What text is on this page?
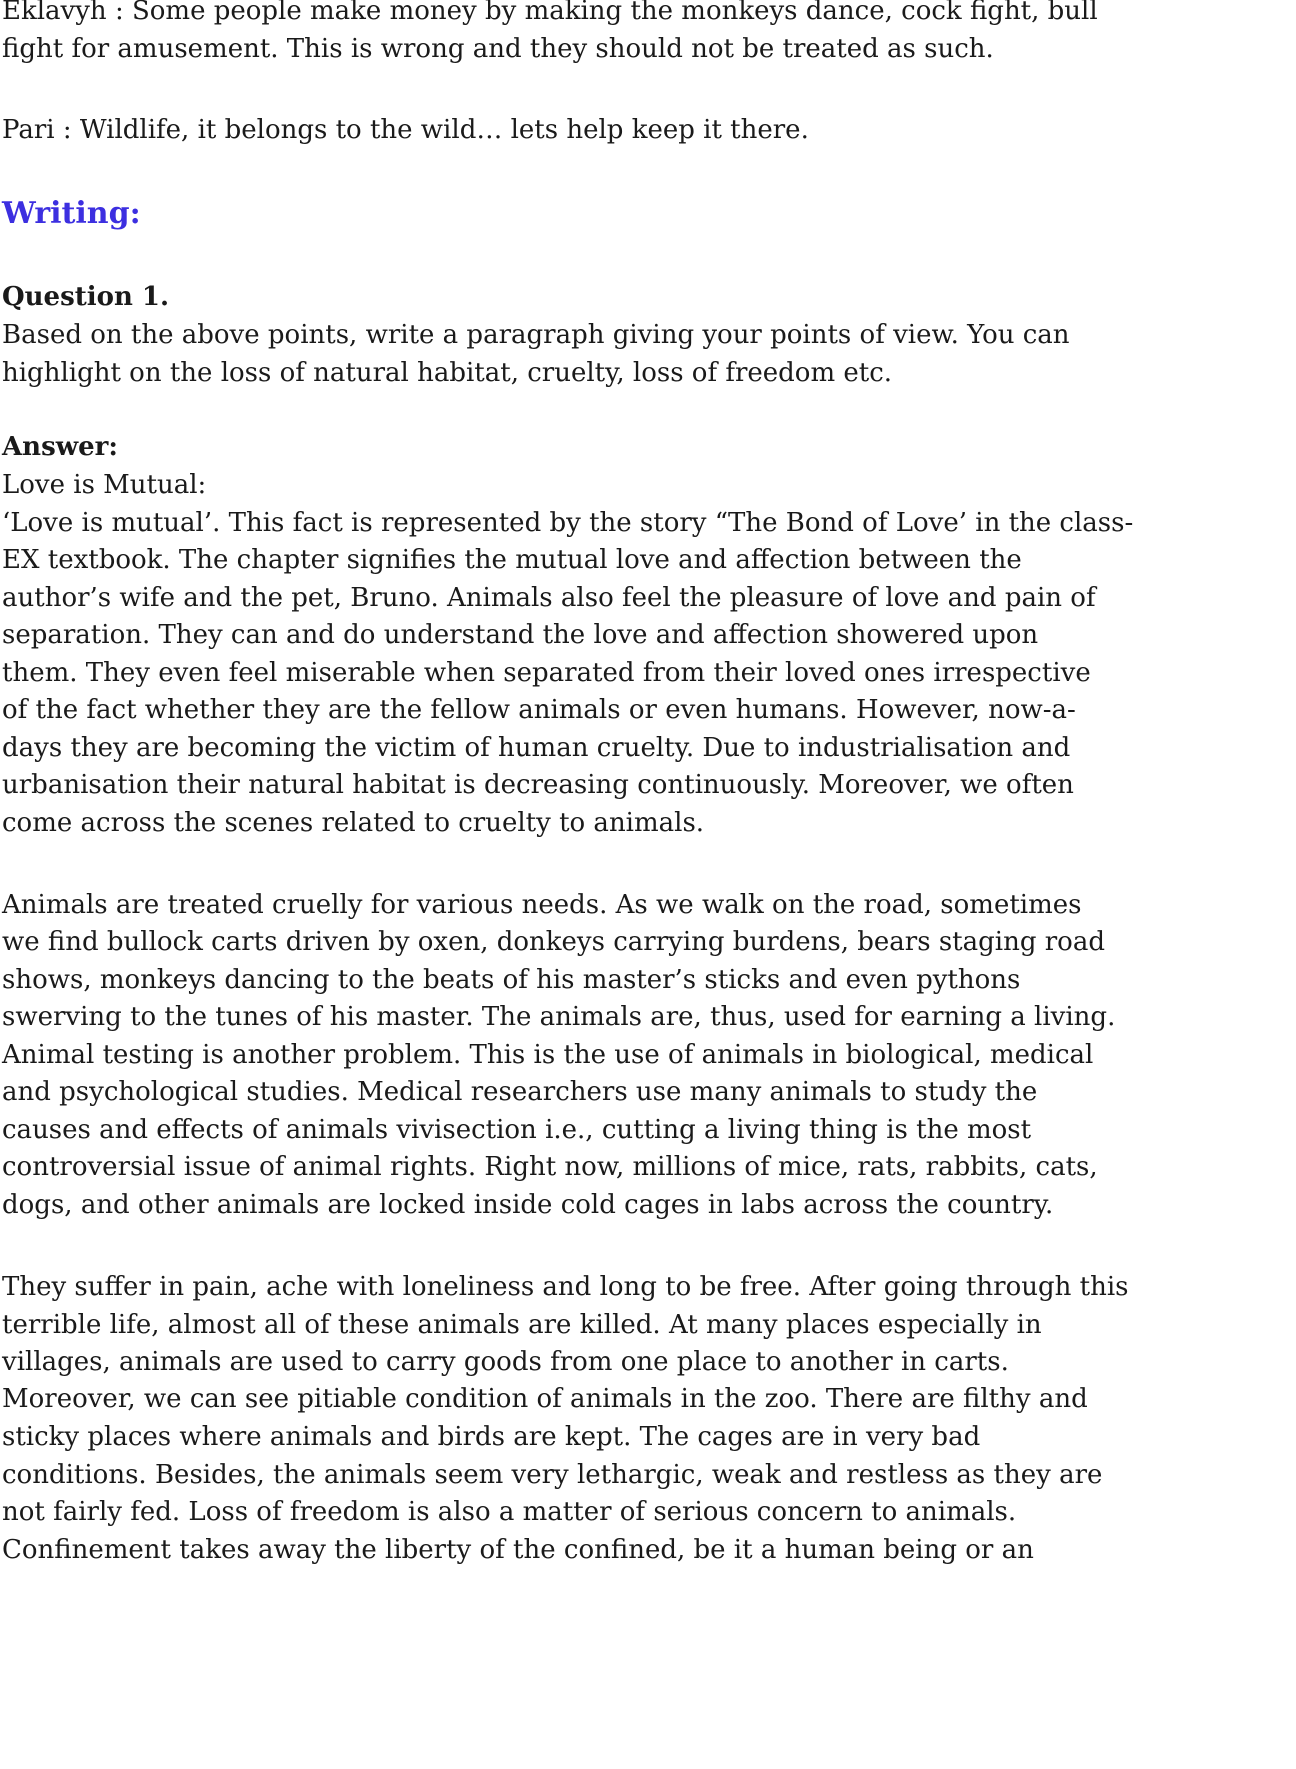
Eklavyh : Some people make money by making the monkeys dance, cock fight, bull
fight for amusement. This is wrong and they should not be treated as such.
Pari : Wildlife, it belongs to the wild… lets help keep it there.
Writing:
Question 1.
Based on the above points, write a paragraph giving your points of view. You can
highlight on the loss of natural habitat, cruelty, loss of freedom etc.
Answer:
Love is Mutual:
‘Love is mutual’. This fact is represented by the story “The Bond of Love’ in the class-
EX textbook. The chapter signifies the mutual love and affection between the
author’s wife and the pet, Bruno. Animals also feel the pleasure of love and pain of
separation. They can and do understand the love and affection showered upon
them. They even feel miserable when separated from their loved ones irrespective
of the fact whether they are the fellow animals or even humans. However, now-a-
days they are becoming the victim of human cruelty. Due to industrialisation and
urbanisation their natural habitat is decreasing continuously. Moreover, we often
come across the scenes related to cruelty to animals.
Animals are treated cruelly for various needs. As we walk on the road, sometimes
we find bullock carts driven by oxen, donkeys carrying burdens, bears staging road
shows, monkeys dancing to the beats of his master’s sticks and even pythons
swerving to the tunes of his master. The animals are, thus, used for earning a living.
Animal testing is another problem. This is the use of animals in biological, medical
and psychological studies. Medical researchers use many animals to study the
causes and effects of animals vivisection i.e., cutting a living thing is the most
controversial issue of animal rights. Right now, millions of mice, rats, rabbits, cats,
dogs, and other animals are locked inside cold cages in labs across the country.
They suffer in pain, ache with loneliness and long to be free. After going through this
terrible life, almost all of these animals are killed. At many places especially in
villages, animals are used to carry goods from one place to another in carts.
Moreover, we can see pitiable condition of animals in the zoo. There are filthy and
sticky places where animals and birds are kept. The cages are in very bad
conditions. Besides, the animals seem very lethargic, weak and restless as they are
not fairly fed. Loss of freedom is also a matter of serious concern to animals.
Confinement takes away the liberty of the confined, be it a human being or an
